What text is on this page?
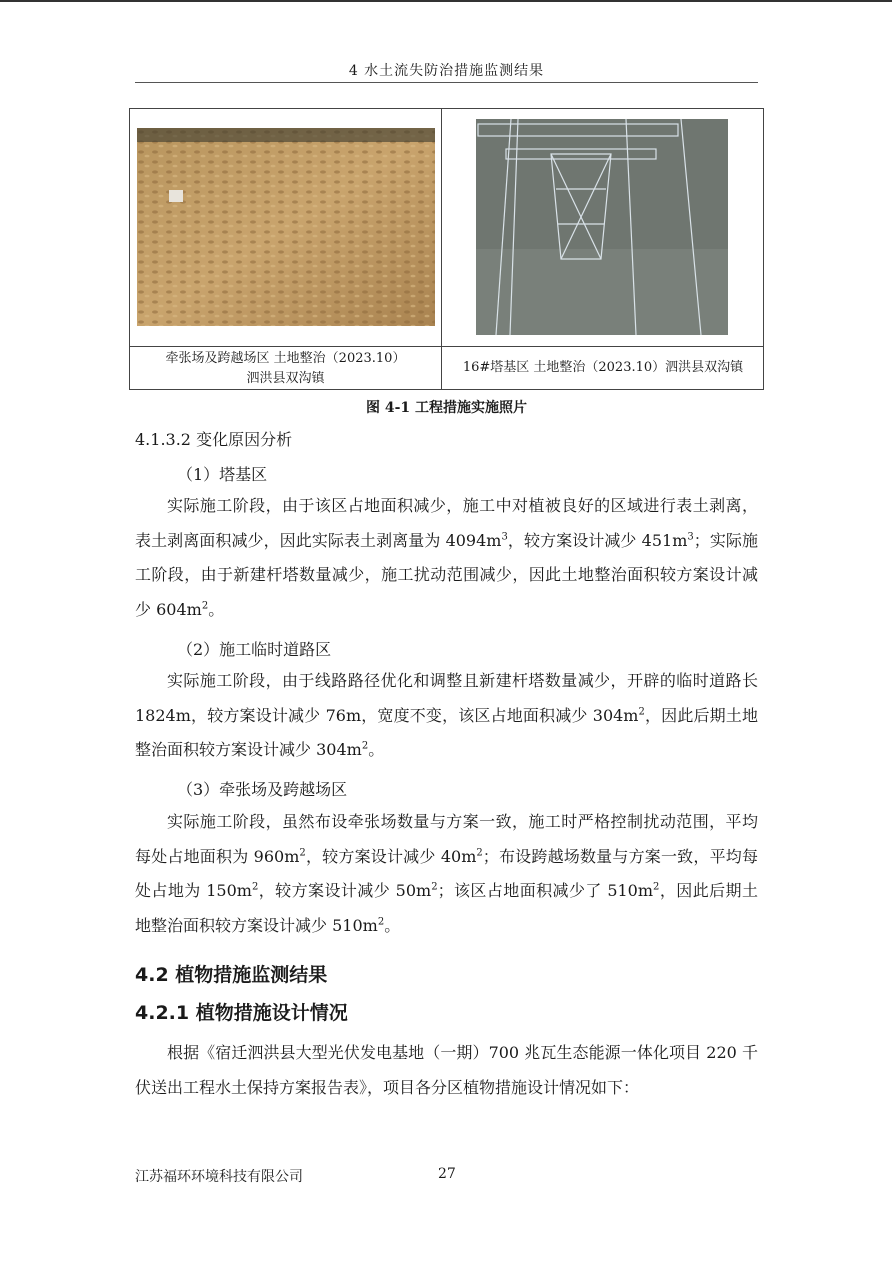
4 水土流失防治措施监测结果
牵张场及跨越场区 土地整治（2023.10）
泗洪县双沟镇
16#塔基区 土地整治（2023.10）泗洪县双沟镇
图 4-1 工程措施实施照片
4.1.3.2 变化原因分析
（1）塔基区
实际施工阶段，由于该区占地面积减少，施工中对植被良好的区域进行表土剥离，表土剥离面积减少，因此实际表土剥离量为 $4094m^3$，较方案设计减少 $451m^3$；实际施工阶段，由于新建杆塔数量减少，施工扰动范围减少，因此土地整治面积较方案设计减少 $604m^2$。
（2）施工临时道路区
实际施工阶段，由于线路路径优化和调整且新建杆塔数量减少，开辟的临时道路长 1824m，较方案设计减少 76m，宽度不变，该区占地面积减少 $304m^2$，因此后期土地整治面积较方案设计减少 $304m^2$。
（3）牵张场及跨越场区
实际施工阶段，虽然布设牵张场数量与方案一致，施工时严格控制扰动范围，平均每处占地面积为 $960m^2$，较方案设计减少 $40m^2$；布设跨越场数量与方案一致，平均每处占地为 $150m^2$，较方案设计减少 $50m^2$；该区占地面积减少了 $510m^2$，因此后期土地整治面积较方案设计减少 $510m^2$。
4.2 植物措施监测结果
4.2.1 植物措施设计情况
根据《宿迁泗洪县大型光伏发电基地（一期）700 兆瓦生态能源一体化项目 220 千伏送出工程水土保持方案报告表》，项目各分区植物措施设计情况如下：
江苏福环环境科技有限公司	27
